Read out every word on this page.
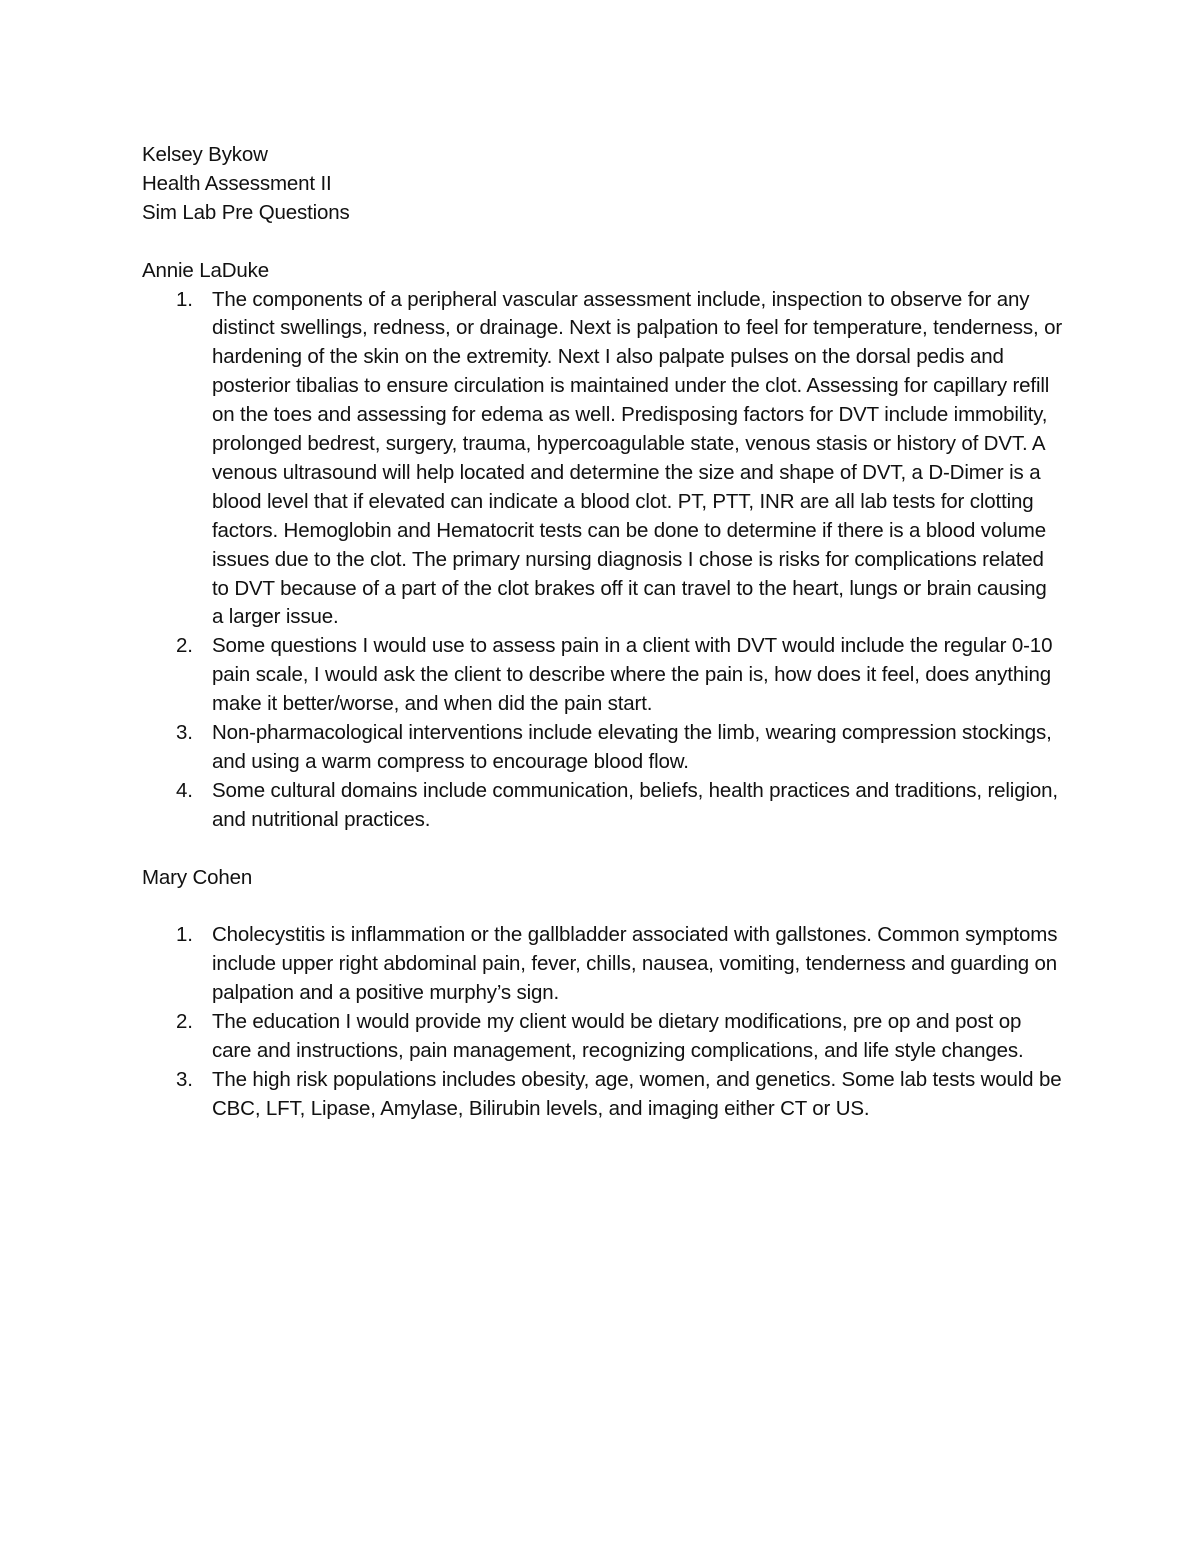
Kelsey Bykow
Health Assessment II
Sim Lab Pre Questions
Annie LaDuke
1. The components of a peripheral vascular assessment include, inspection to observe for any distinct swellings, redness, or drainage. Next is palpation to feel for temperature, tenderness, or hardening of the skin on the extremity. Next I also palpate pulses on the dorsal pedis and posterior tibalias to ensure circulation is maintained under the clot. Assessing for capillary refill on the toes and assessing for edema as well. Predisposing factors for DVT include immobility, prolonged bedrest, surgery, trauma, hypercoagulable state, venous stasis or history of DVT. A venous ultrasound will help located and determine the size and shape of DVT, a D-Dimer is a blood level that if elevated can indicate a blood clot. PT, PTT, INR are all lab tests for clotting factors. Hemoglobin and Hematocrit tests can be done to determine if there is a blood volume issues due to the clot. The primary nursing diagnosis I chose is risks for complications related to DVT because of a part of the clot brakes off it can travel to the heart, lungs or brain causing a larger issue.
2. Some questions I would use to assess pain in a client with DVT would include the regular 0-10 pain scale, I would ask the client to describe where the pain is, how does it feel, does anything make it better/worse, and when did the pain start.
3. Non-pharmacological interventions include elevating the limb, wearing compression stockings, and using a warm compress to encourage blood flow.
4. Some cultural domains include communication, beliefs, health practices and traditions, religion, and nutritional practices.
Mary Cohen
1. Cholecystitis is inflammation or the gallbladder associated with gallstones. Common symptoms include upper right abdominal pain, fever, chills, nausea, vomiting, tenderness and guarding on palpation and a positive murphy’s sign.
2. The education I would provide my client would be dietary modifications, pre op and post op care and instructions, pain management, recognizing complications, and life style changes.
3. The high risk populations includes obesity, age, women, and genetics. Some lab tests would be CBC, LFT, Lipase, Amylase, Bilirubin levels, and imaging either CT or US.
